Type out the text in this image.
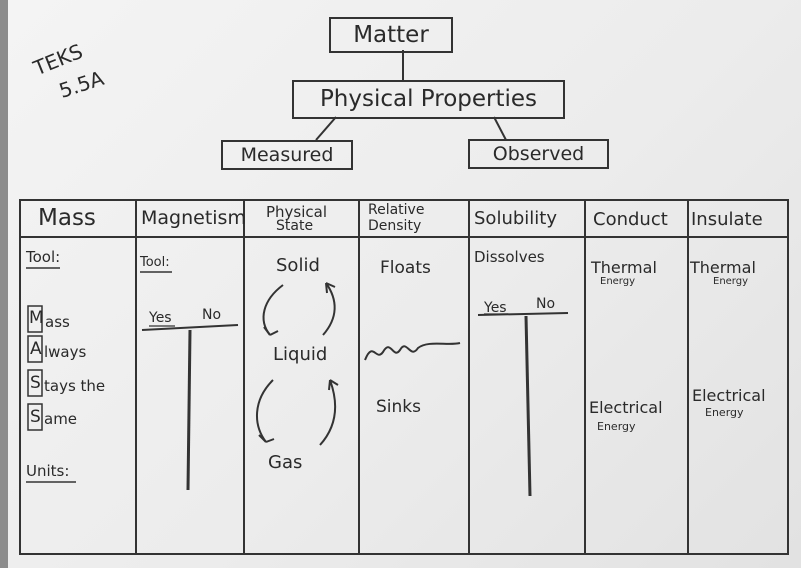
TEKS
5.5A
Matter
Physical Properties
Measured	Observed
Mass Magnetism Physical
State
Relative
Density	Solubility Conduct Insulate
Tool:
M ass
A lways
S tays the
S ame
Units:
Tool:
Yes No
Solid
Liquid
Gas
Floats
Sinks
Dissolves
Yes No
Thermal
Energy
Electrical
Energy
Thermal
Energy
Electrical
Energy
